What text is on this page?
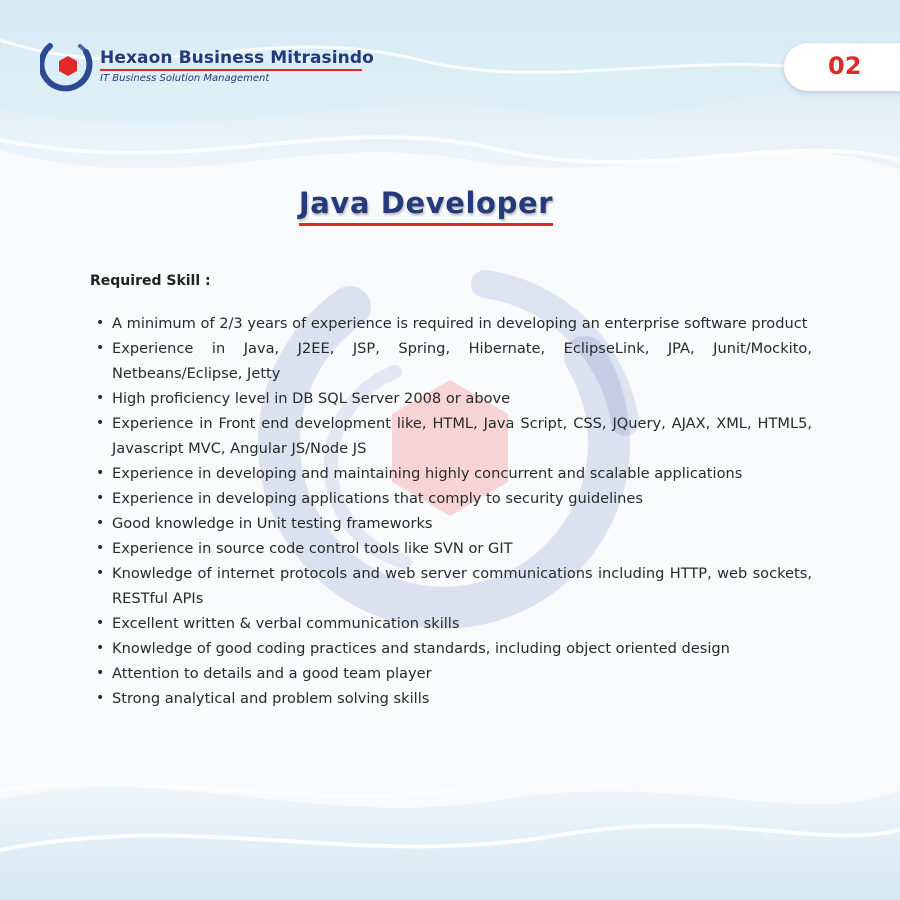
Hexaon Business Mitrasindo
IT Business Solution Management	02
Java Developer
Required Skill :
• A minimum of 2/3 years of experience is required in developing an enterprise software product
• Experience in Java, J2EE, JSP, Spring, Hibernate, EclipseLink, JPA, Junit/Mockito, Netbeans/Eclipse, Jetty
• High proficiency level in DB SQL Server 2008 or above
• Experience in Front end development like, HTML, Java Script, CSS, JQuery, AJAX, XML, HTML5, Javascript MVC, Angular JS/Node JS
• Experience in developing and maintaining highly concurrent and scalable applications
• Experience in developing applications that comply to security guidelines
• Good knowledge in Unit testing frameworks
• Experience in source code control tools like SVN or GIT
• Knowledge of internet protocols and web server communications including HTTP, web sockets, RESTful APIs
• Excellent written & verbal communication skills
• Knowledge of good coding practices and standards, including object oriented design
• Attention to details and a good team player
• Strong analytical and problem solving skills
